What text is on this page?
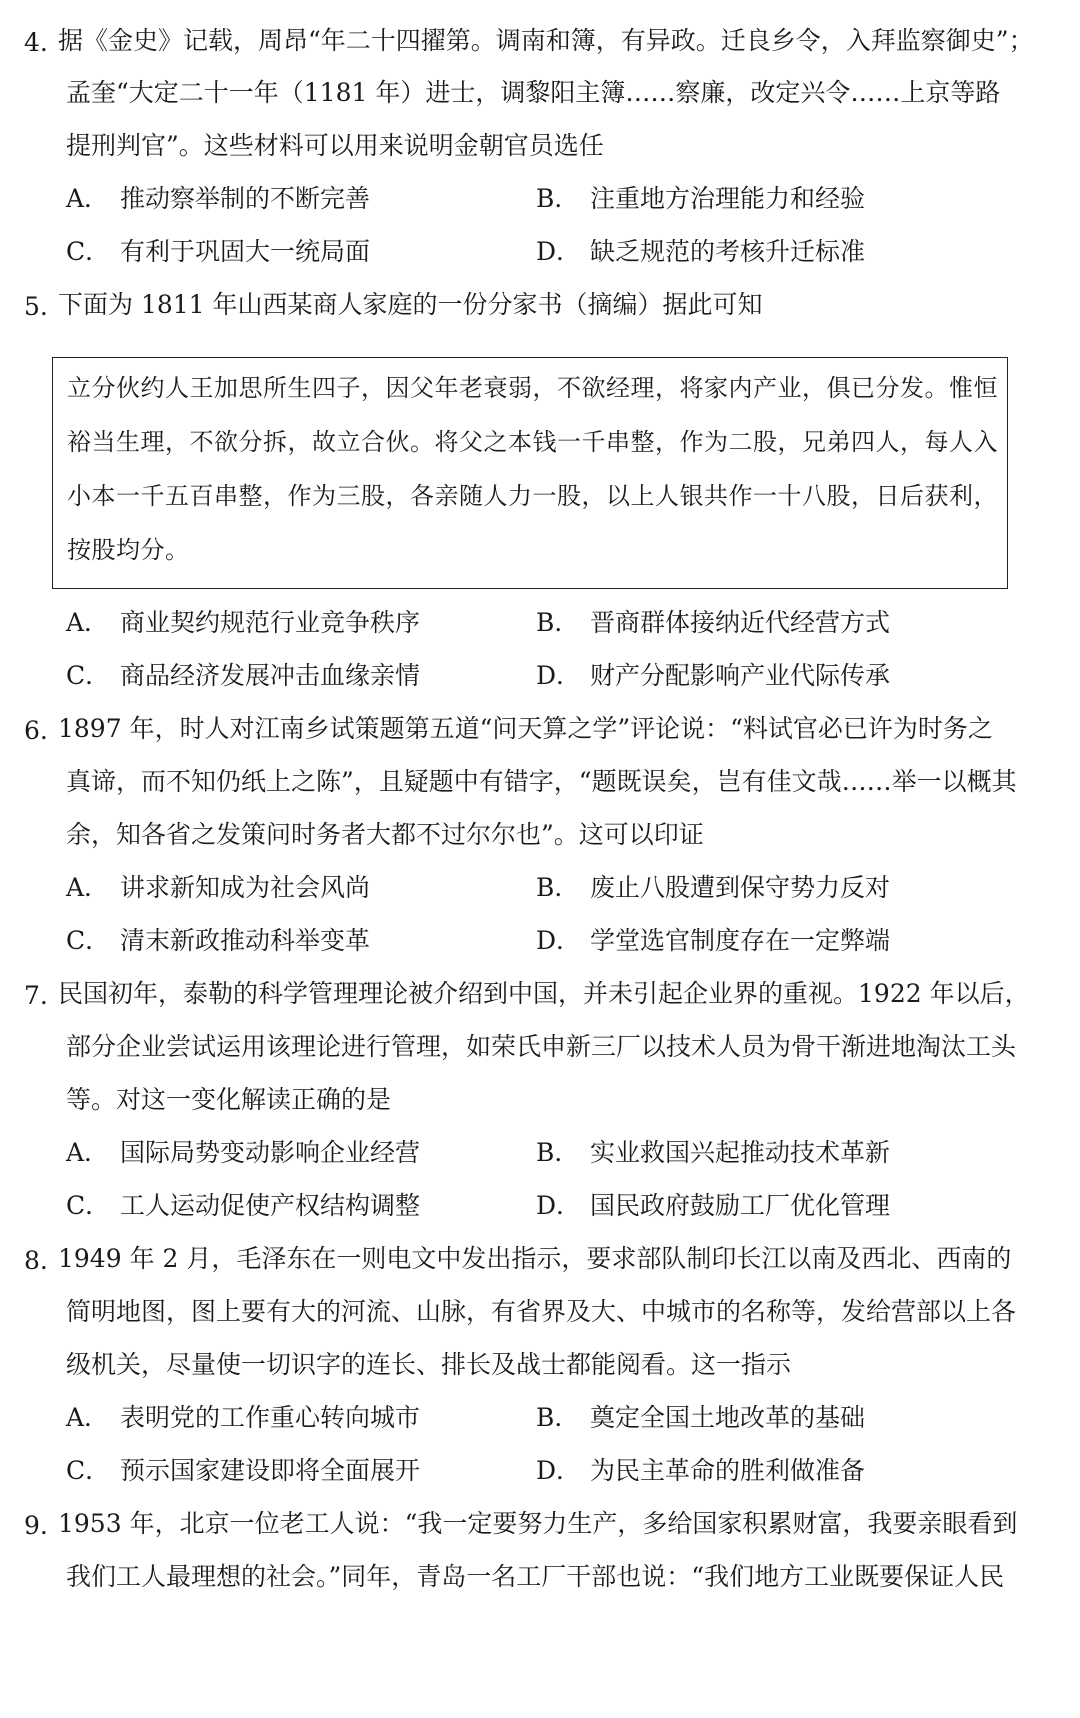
4. 据《金史》记载，周昂“年二十四擢第。调南和簿，有异政。迁良乡令，入拜监察御史”；
孟奎“大定二十一年（1181 年）进士，调黎阳主簿……察廉，改定兴令……上京等路
提刑判官”。这些材料可以用来说明金朝官员选任
A． 推动察举制的不断完善	B． 注重地方治理能力和经验
C． 有利于巩固大一统局面	D． 缺乏规范的考核升迁标准
5. 下面为 1811 年山西某商人家庭的一份分家书（摘编）据此可知
立分伙约人王加思所生四子，因父年老衰弱，不欲经理，将家内产业，俱已分发。惟恒
裕当生理，不欲分拆，故立合伙。将父之本钱一千串整，作为二股，兄弟四人，每人入
小本一千五百串整，作为三股，各亲随人力一股，以上人银共作一十八股，日后获利，
按股均分。
A． 商业契约规范行业竞争秩序	B． 晋商群体接纳近代经营方式
C． 商品经济发展冲击血缘亲情	D． 财产分配影响产业代际传承
6. 1897 年，时人对江南乡试策题第五道“问天算之学”评论说：“料试官必已许为时务之
真谛，而不知仍纸上之陈”，且疑题中有错字，“题既误矣，岂有佳文哉……举一以概其
余，知各省之发策问时务者大都不过尔尔也”。这可以印证
A． 讲求新知成为社会风尚	B． 废止八股遭到保守势力反对
C． 清末新政推动科举变革	D． 学堂选官制度存在一定弊端
7. 民国初年，泰勒的科学管理理论被介绍到中国，并未引起企业界的重视。1922 年以后，
部分企业尝试运用该理论进行管理，如荣氏申新三厂以技术人员为骨干渐进地淘汰工头
等。对这一变化解读正确的是
A． 国际局势变动影响企业经营	B． 实业救国兴起推动技术革新
C． 工人运动促使产权结构调整	D． 国民政府鼓励工厂优化管理
8. 1949 年 2 月，毛泽东在一则电文中发出指示，要求部队制印长江以南及西北、西南的
简明地图，图上要有大的河流、山脉，有省界及大、中城市的名称等，发给营部以上各
级机关，尽量使一切识字的连长、排长及战士都能阅看。这一指示
A． 表明党的工作重心转向城市	B． 奠定全国土地改革的基础
C． 预示国家建设即将全面展开	D． 为民主革命的胜利做准备
9. 1953 年，北京一位老工人说：“我一定要努力生产，多给国家积累财富，我要亲眼看到
我们工人最理想的社会。”同年，青岛一名工厂干部也说：“我们地方工业既要保证人民
